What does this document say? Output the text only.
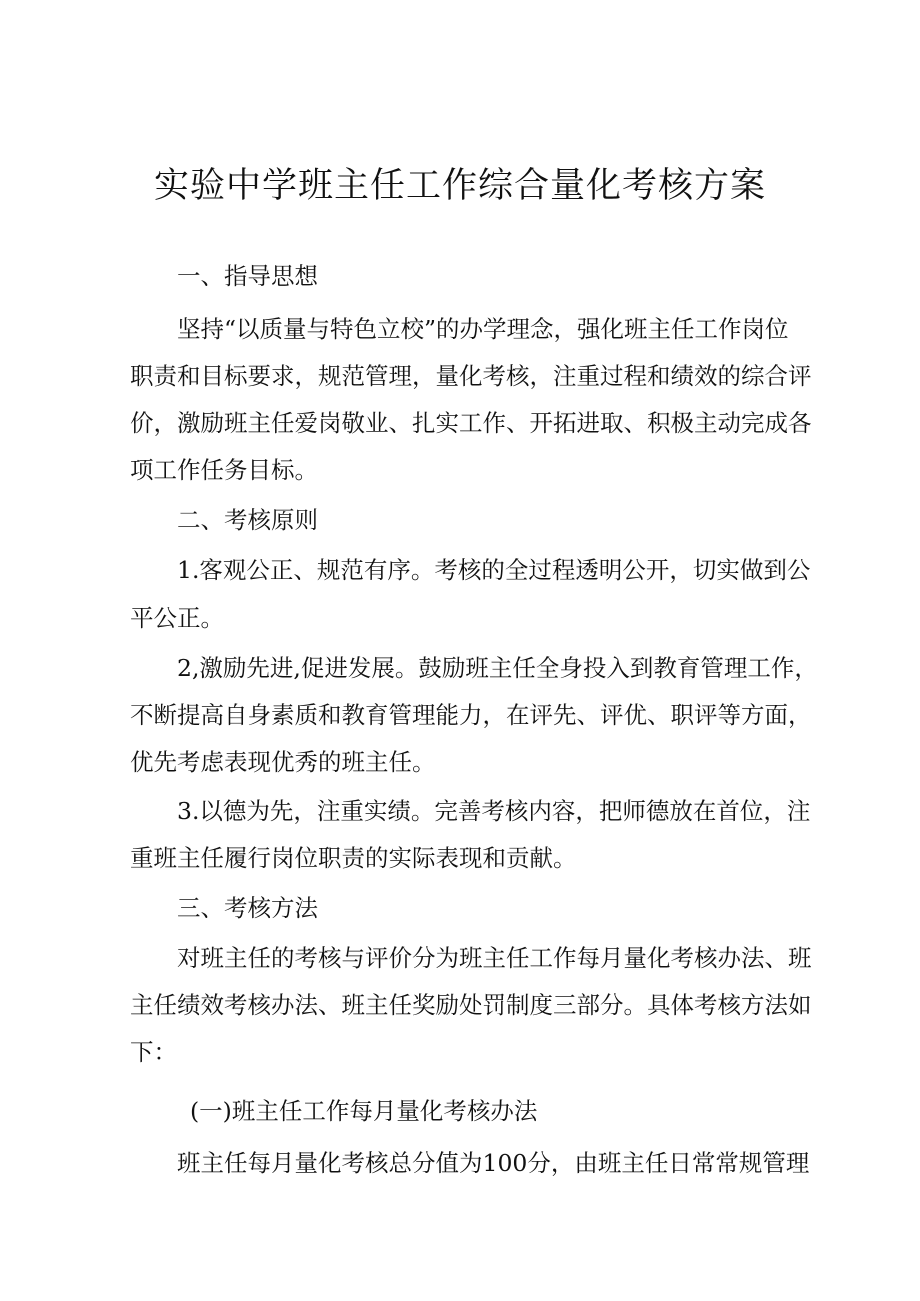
实验中学班主任工作综合量化考核方案

一、指导思想

坚持“以质量与特色立校”的办学理念，强化班主任工作岗位

职责和目标要求，规范管理，量化考核，注重过程和绩效的综合评

价，激励班主任爱岗敬业、扎实工作、开拓进取、积极主动完成各

项工作任务目标。

二、考核原则

1.客观公正、规范有序。考核的全过程透明公开，切实做到公

平公正。

2,激励先进,促进发展。鼓励班主任全身投入到教育管理工作，

不断提高自身素质和教育管理能力，在评先、评优、职评等方面，

优先考虑表现优秀的班主任。

3.以德为先，注重实绩。完善考核内容，把师德放在首位，注

重班主任履行岗位职责的实际表现和贡献。

三、考核方法

对班主任的考核与评价分为班主任工作每月量化考核办法、班

主任绩效考核办法、班主任奖励处罚制度三部分。具体考核方法如

下：

(一)班主任工作每月量化考核办法

班主任每月量化考核总分值为100分，由班主任日常常规管理
